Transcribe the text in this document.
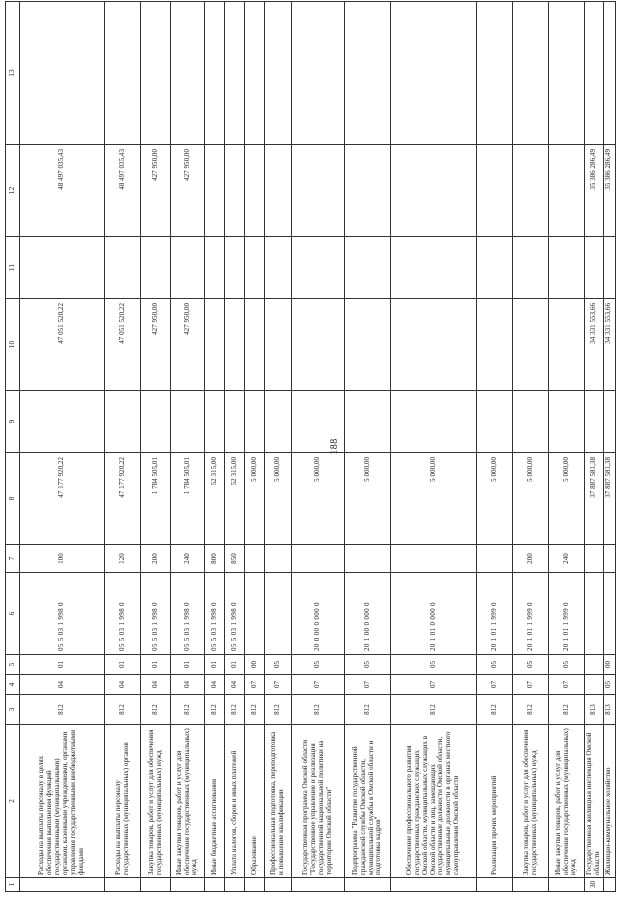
188
1	2	3	4	5	6	7	8	9	10	11	12	13
	Расходы на выплаты персоналу в целях обеспечения выполнения функций государственными (муниципальными) органами, казенными учреждениями, органами управления государственными внебюджетными фондами	812	04	01	05 5 03 1 998 0	100	47 177 920,22		47 051 520,22		48 497 035,43	
	Расходы на выплаты персоналу государственных (муниципальных) органов	812	04	01	05 5 03 1 998 0	120	47 177 920,22		47 051 520,22		48 497 035,43	
	Закупка товаров, работ и услуг для обеспечения государственных (муниципальных) нужд	812	04	01	05 5 03 1 998 0	200	1 784 505,01		427 950,00		427 950,00	
	Иные закупки товаров, работ и услуг для обеспечения государственных (муниципальных) нужд	812	04	01	05 5 03 1 998 0	240	1 784 505,01		427 950,00		427 950,00	
	Иные бюджетные ассигнования	812	04	01	05 5 03 1 998 0	800	52 315,00					
	Уплата налогов, сборов и иных платежей	812	04	01	05 5 03 1 998 0	850	52 315,00					
	Образование	812	07	00			5 000,00					
	Профессиональная подготовка, переподготовка и повышение квалификации	812	07	05			5 000,00					
	Государственная программа Омской области "Государственное управление и реализация государственной национальной политики на территории Омской области"	812	07	05	20 0 00 0 000 0		5 000,00					
	Подпрограмма "Развитие государственной гражданской службы Омской области, муниципальной службы в Омской области и подготовка кадров"	812	07	05	20 1 00 0 000 0		5 000,00					
	Обеспечение профессионального развития государственных гражданских служащих Омской области, муниципальных служащих в Омской области и лиц, замещающих государственные должности Омской области, муниципальные должности в органах местного самоуправления Омской области	812	07	05	20 1 01 0 000 0		5 000,00					
	Реализация прочих мероприятий	812	07	05	20 1 01 1 999 0		5 000,00					
	Закупка товаров, работ и услуг для обеспечения государственных (муниципальных) нужд	812	07	05	20 1 01 1 999 0	200	5 000,00					
	Иные закупки товаров, работ и услуг для обеспечения государственных (муниципальных) нужд	812	07	05	20 1 01 1 999 0	240	5 000,00					
30	Государственная жилищная инспекция Омской области	813					37 887 581,38		34 331 553,66		35 386 286,49	
	Жилищно-коммунальное хозяйство	813	05	00			37 887 581,38		34 331 553,66		35 386 286,49	
